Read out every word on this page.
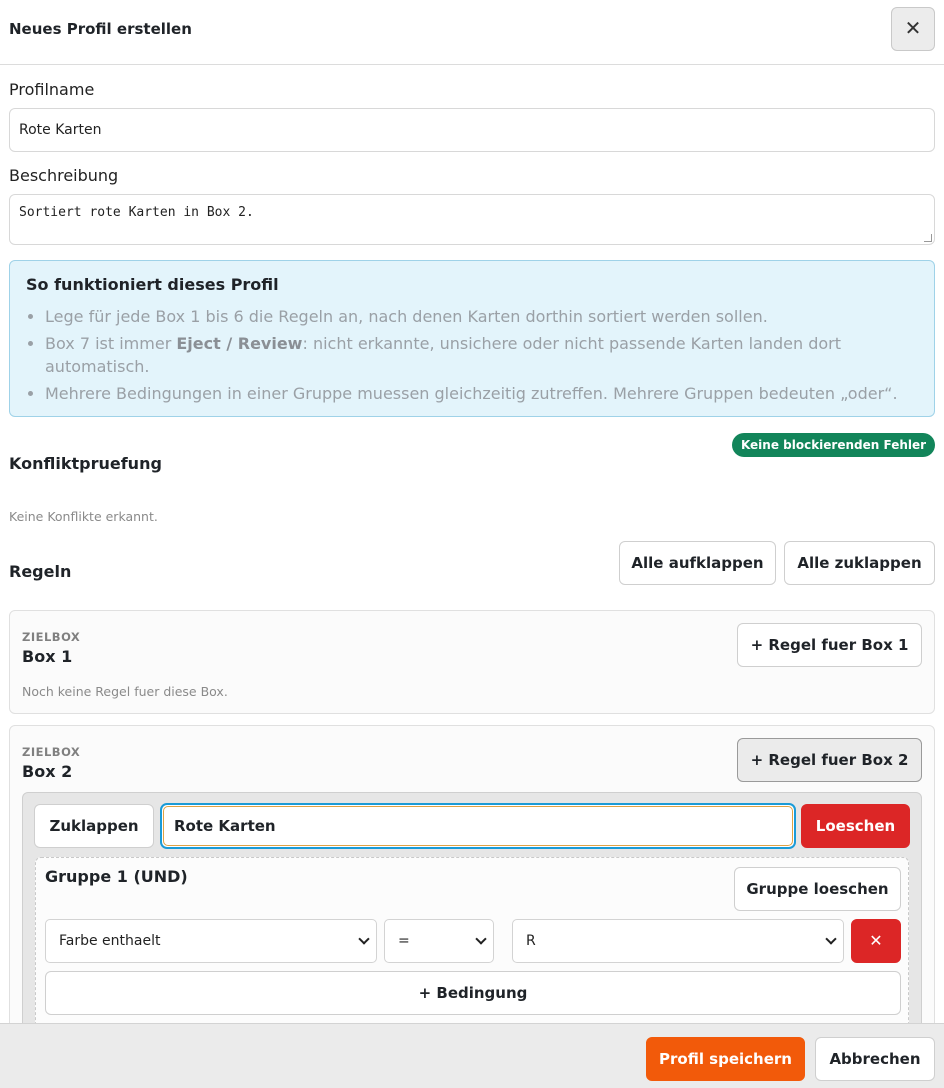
Neues Profil erstellen	✕
Profilname
Rote Karten
Beschreibung
Sortiert rote Karten in Box 2.
So funktioniert dieses Profil
• Lege für jede Box 1 bis 6 die Regeln an, nach denen Karten dorthin sortiert werden sollen.
• Box 7 ist immer Eject / Review: nicht erkannte, unsichere oder nicht passende Karten landen dort automatisch.
• Mehrere Bedingungen in einer Gruppe muessen gleichzeitig zutreffen. Mehrere Gruppen bedeuten „oder“.
Keine blockierenden Fehler
Konfliktpruefung
Keine Konflikte erkannt.
Regeln	Alle aufklappen	Alle zuklappen
ZIELBOX
Box 1
+ Regel fuer Box 1
Noch keine Regel fuer diese Box.
ZIELBOX
Box 2
+ Regel fuer Box 2
Zuklappen	Rote Karten	Loeschen
Gruppe 1 (UND)
Gruppe loeschen
Farbe enthaelt	=	R	✕
+ Bedingung
Profil speichern	Abbrechen
